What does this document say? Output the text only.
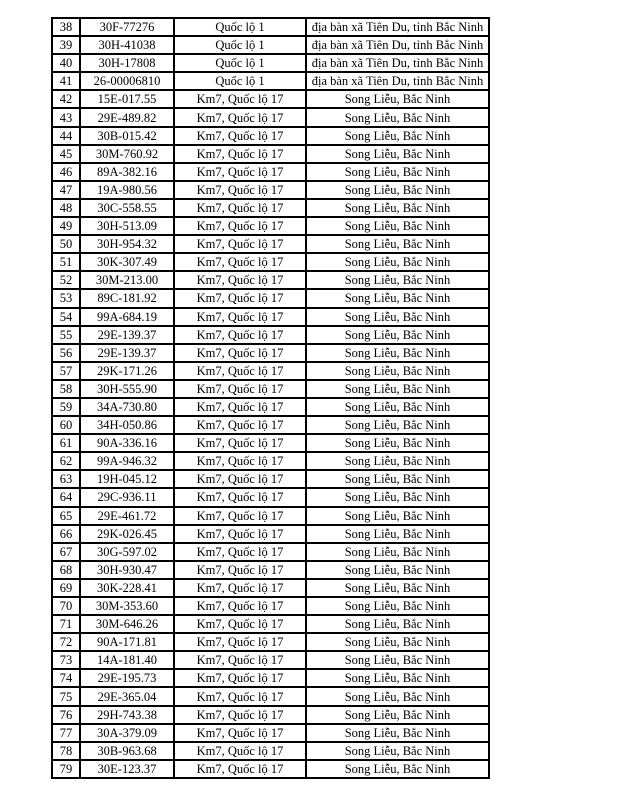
38	30F-77276	Quốc lộ 1	địa bàn xã Tiên Du, tỉnh Bắc Ninh
39	30H-41038	Quốc lộ 1	địa bàn xã Tiên Du, tỉnh Bắc Ninh
40	30H-17808	Quốc lộ 1	địa bàn xã Tiên Du, tỉnh Bắc Ninh
41	26-00006810	Quốc lộ 1	địa bàn xã Tiên Du, tỉnh Bắc Ninh
42	15E-017.55	Km7, Quốc lộ 17	Song Liễu, Bắc Ninh
43	29E-489.82	Km7, Quốc lộ 17	Song Liễu, Bắc Ninh
44	30B-015.42	Km7, Quốc lộ 17	Song Liễu, Bắc Ninh
45	30M-760.92	Km7, Quốc lộ 17	Song Liễu, Bắc Ninh
46	89A-382.16	Km7, Quốc lộ 17	Song Liễu, Bắc Ninh
47	19A-980.56	Km7, Quốc lộ 17	Song Liễu, Bắc Ninh
48	30C-558.55	Km7, Quốc lộ 17	Song Liễu, Bắc Ninh
49	30H-513.09	Km7, Quốc lộ 17	Song Liễu, Bắc Ninh
50	30H-954.32	Km7, Quốc lộ 17	Song Liễu, Bắc Ninh
51	30K-307.49	Km7, Quốc lộ 17	Song Liễu, Bắc Ninh
52	30M-213.00	Km7, Quốc lộ 17	Song Liễu, Bắc Ninh
53	89C-181.92	Km7, Quốc lộ 17	Song Liễu, Bắc Ninh
54	99A-684.19	Km7, Quốc lộ 17	Song Liễu, Bắc Ninh
55	29E-139.37	Km7, Quốc lộ 17	Song Liễu, Bắc Ninh
56	29E-139.37	Km7, Quốc lộ 17	Song Liễu, Bắc Ninh
57	29K-171.26	Km7, Quốc lộ 17	Song Liễu, Bắc Ninh
58	30H-555.90	Km7, Quốc lộ 17	Song Liễu, Bắc Ninh
59	34A-730.80	Km7, Quốc lộ 17	Song Liễu, Bắc Ninh
60	34H-050.86	Km7, Quốc lộ 17	Song Liễu, Bắc Ninh
61	90A-336.16	Km7, Quốc lộ 17	Song Liễu, Bắc Ninh
62	99A-946.32	Km7, Quốc lộ 17	Song Liễu, Bắc Ninh
63	19H-045.12	Km7, Quốc lộ 17	Song Liễu, Bắc Ninh
64	29C-936.11	Km7, Quốc lộ 17	Song Liễu, Bắc Ninh
65	29E-461.72	Km7, Quốc lộ 17	Song Liễu, Bắc Ninh
66	29K-026.45	Km7, Quốc lộ 17	Song Liễu, Bắc Ninh
67	30G-597.02	Km7, Quốc lộ 17	Song Liễu, Bắc Ninh
68	30H-930.47	Km7, Quốc lộ 17	Song Liễu, Bắc Ninh
69	30K-228.41	Km7, Quốc lộ 17	Song Liễu, Bắc Ninh
70	30M-353.60	Km7, Quốc lộ 17	Song Liễu, Bắc Ninh
71	30M-646.26	Km7, Quốc lộ 17	Song Liễu, Bắc Ninh
72	90A-171.81	Km7, Quốc lộ 17	Song Liễu, Bắc Ninh
73	14A-181.40	Km7, Quốc lộ 17	Song Liễu, Bắc Ninh
74	29E-195.73	Km7, Quốc lộ 17	Song Liễu, Bắc Ninh
75	29E-365.04	Km7, Quốc lộ 17	Song Liễu, Bắc Ninh
76	29H-743.38	Km7, Quốc lộ 17	Song Liễu, Bắc Ninh
77	30A-379.09	Km7, Quốc lộ 17	Song Liễu, Bắc Ninh
78	30B-963.68	Km7, Quốc lộ 17	Song Liễu, Bắc Ninh
79	30E-123.37	Km7, Quốc lộ 17	Song Liễu, Bắc Ninh
